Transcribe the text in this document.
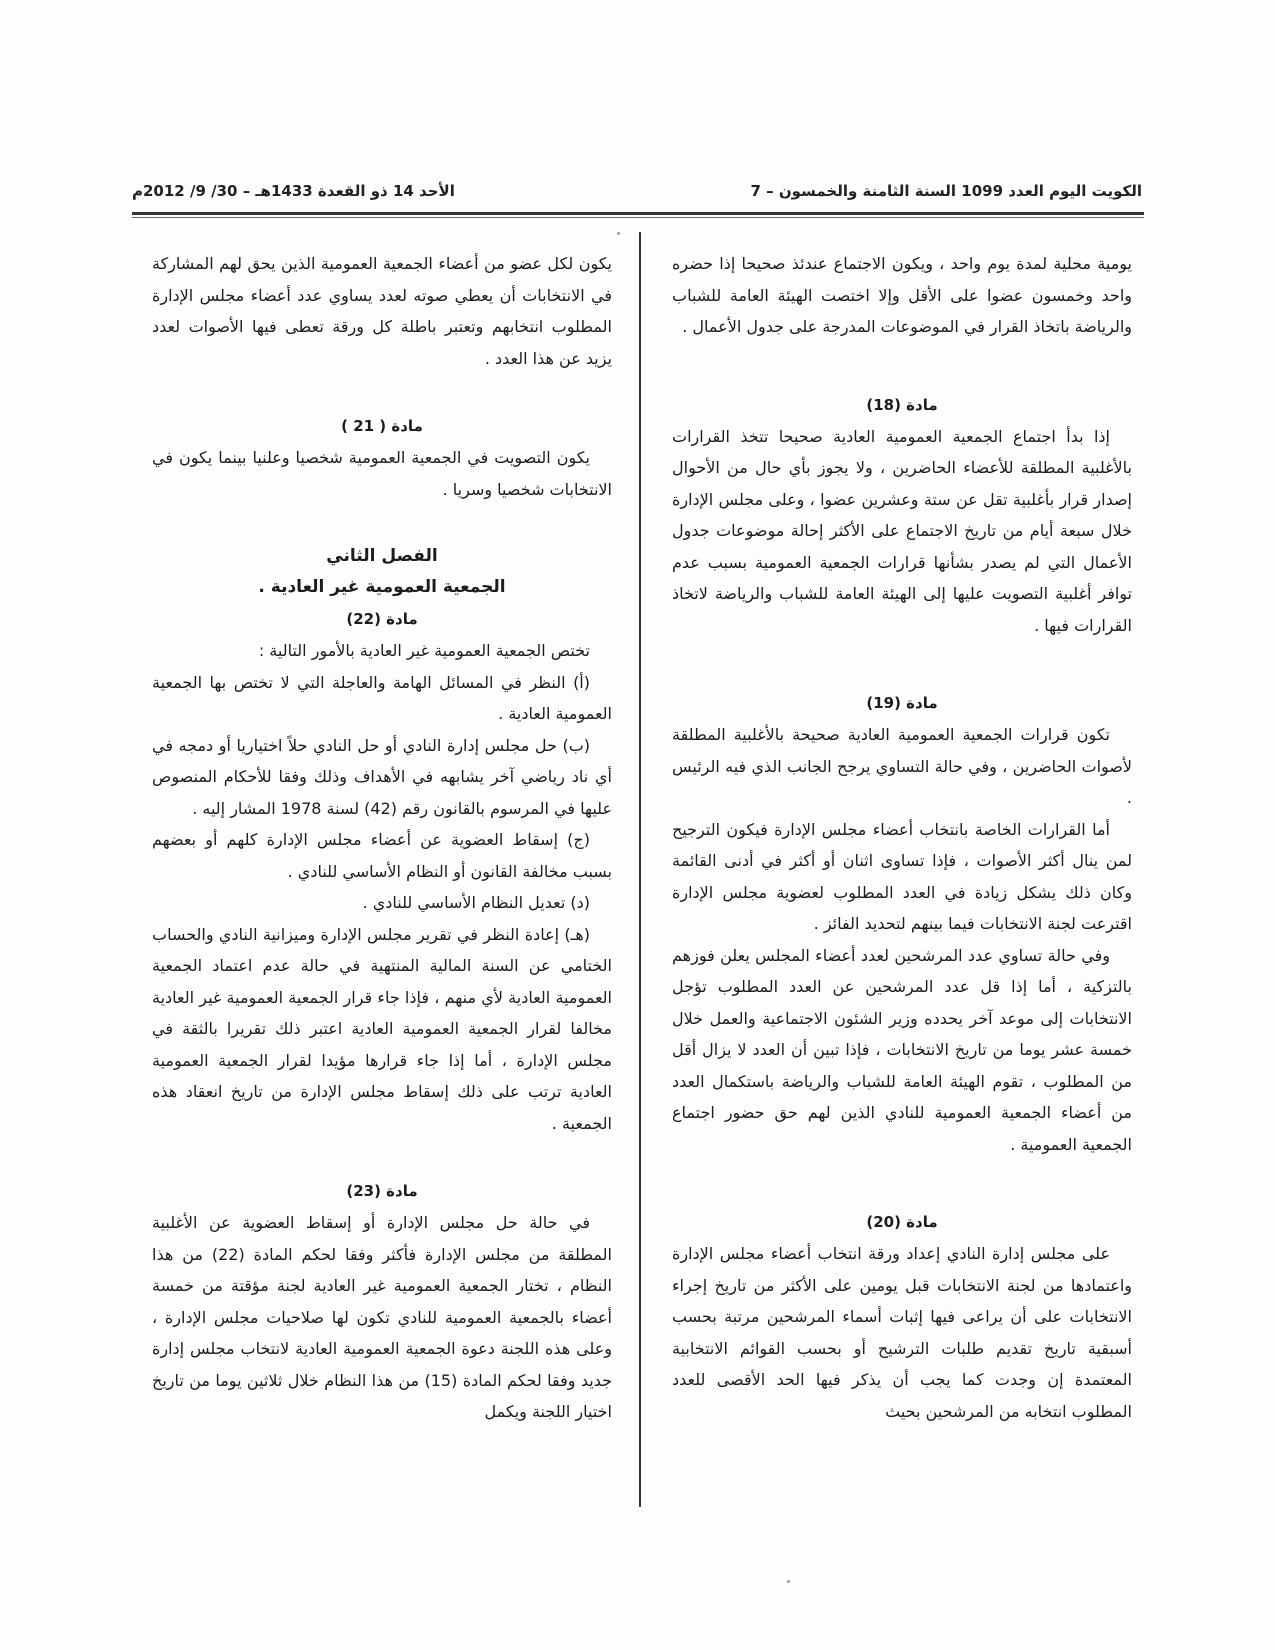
الكويت اليوم العدد 1099 السنة الثامنة والخمسون – 7
الأحد 14 ذو القعدة 1433هـ – 30/ 9/ 2012م

يومية محلية لمدة يوم واحد ، ويكون الاجتماع عندئذ صحيحا إذا حضره واحد وخمسون عضوا على الأقل وإلا اختصت الهيئة العامة للشباب والرياضة باتخاذ القرار في الموضوعات المدرجة على جدول الأعمال .

مادة (18)

إذا بدأ اجتماع الجمعية العمومية العادية صحيحا تتخذ القرارات بالأغلبية المطلقة للأعضاء الحاضرين ، ولا يجوز بأي حال من الأحوال إصدار قرار بأغلبية تقل عن ستة وعشرين عضوا ، وعلى مجلس الإدارة خلال سبعة أيام من تاريخ الاجتماع على الأكثر إحالة موضوعات جدول الأعمال التي لم يصدر بشأنها قرارات الجمعية العمومية بسبب عدم توافر أغلبية التصويت عليها إلى الهيئة العامة للشباب والرياضة لاتخاذ القرارات فيها .

مادة (19)

تكون قرارات الجمعية العمومية العادية صحيحة بالأغلبية المطلقة لأصوات الحاضرين ، وفي حالة التساوي يرجح الجانب الذي فيه الرئيس .

أما القرارات الخاصة بانتخاب أعضاء مجلس الإدارة فيكون الترجيح لمن ينال أكثر الأصوات ، فإذا تساوى اثنان أو أكثر في أدنى القائمة وكان ذلك يشكل زيادة في العدد المطلوب لعضوية مجلس الإدارة اقترعت لجنة الانتخابات فيما بينهم لتحديد الفائز .

وفي حالة تساوي عدد المرشحين لعدد أعضاء المجلس يعلن فوزهم بالتزكية ، أما إذا قل عدد المرشحين عن العدد المطلوب تؤجل الانتخابات إلى موعد آخر يحدده وزير الشئون الاجتماعية والعمل خلال خمسة عشر يوما من تاريخ الانتخابات ، فإذا تبين أن العدد لا يزال أقل من المطلوب ، تقوم الهيئة العامة للشباب والرياضة باستكمال العدد من أعضاء الجمعية العمومية للنادي الذين لهم حق حضور اجتماع الجمعية العمومية .

مادة (20)

على مجلس إدارة النادي إعداد ورقة انتخاب أعضاء مجلس الإدارة واعتمادها من لجنة الانتخابات قبل يومين على الأكثر من تاريخ إجراء الانتخابات على أن يراعى فيها إثبات أسماء المرشحين مرتبة بحسب أسبقية تاريخ تقديم طلبات الترشيح أو بحسب القوائم الانتخابية المعتمدة إن وجدت كما يجب أن يذكر فيها الحد الأقصى للعدد المطلوب انتخابه من المرشحين بحيث

يكون لكل عضو من أعضاء الجمعية العمومية الذين يحق لهم المشاركة في الانتخابات أن يعطي صوته لعدد يساوي عدد أعضاء مجلس الإدارة المطلوب انتخابهم وتعتبر باطلة كل ورقة تعطى فيها الأصوات لعدد يزيد عن هذا العدد .

مادة ( 21 )

يكون التصويت في الجمعية العمومية شخصيا وعلنيا بينما يكون في الانتخابات شخصيا وسريا .

الفصل الثاني
الجمعية العمومية غير العادية .
مادة (22)

تختص الجمعية العمومية غير العادية بالأمور التالية :

(أ) النظر في المسائل الهامة والعاجلة التي لا تختص بها الجمعية العمومية العادية .

(ب) حل مجلس إدارة النادي أو حل النادي حلاً اختياريا أو دمجه في أي ناد رياضي آخر يشابهه في الأهداف وذلك وفقا للأحكام المنصوص عليها في المرسوم بالقانون رقم (42) لسنة 1978 المشار إليه .

(ج) إسقاط العضوية عن أعضاء مجلس الإدارة كلهم أو بعضهم بسبب مخالفة القانون أو النظام الأساسي للنادي .

(د) تعديل النظام الأساسي للنادي .

(هـ) إعادة النظر في تقرير مجلس الإدارة وميزانية النادي والحساب الختامي عن السنة المالية المنتهية في حالة عدم اعتماد الجمعية العمومية العادية لأي منهم ، فإذا جاء قرار الجمعية العمومية غير العادية مخالفا لقرار الجمعية العمومية العادية اعتبر ذلك تقريرا بالثقة في مجلس الإدارة ، أما إذا جاء قرارها مؤيدا لقرار الجمعية العمومية العادية ترتب على ذلك إسقاط مجلس الإدارة من تاريخ انعقاد هذه الجمعية .

مادة (23)

في حالة حل مجلس الإدارة أو إسقاط العضوية عن الأغلبية المطلقة من مجلس الإدارة فأكثر وفقا لحكم المادة (22) من هذا النظام ، تختار الجمعية العمومية غير العادية لجنة مؤقتة من خمسة أعضاء بالجمعية العمومية للنادي تكون لها صلاحيات مجلس الإدارة ، وعلى هذه اللجنة دعوة الجمعية العمومية العادية لانتخاب مجلس إدارة جديد وفقا لحكم المادة (15) من هذا النظام خلال ثلاثين يوما من تاريخ اختيار اللجنة ويكمل
